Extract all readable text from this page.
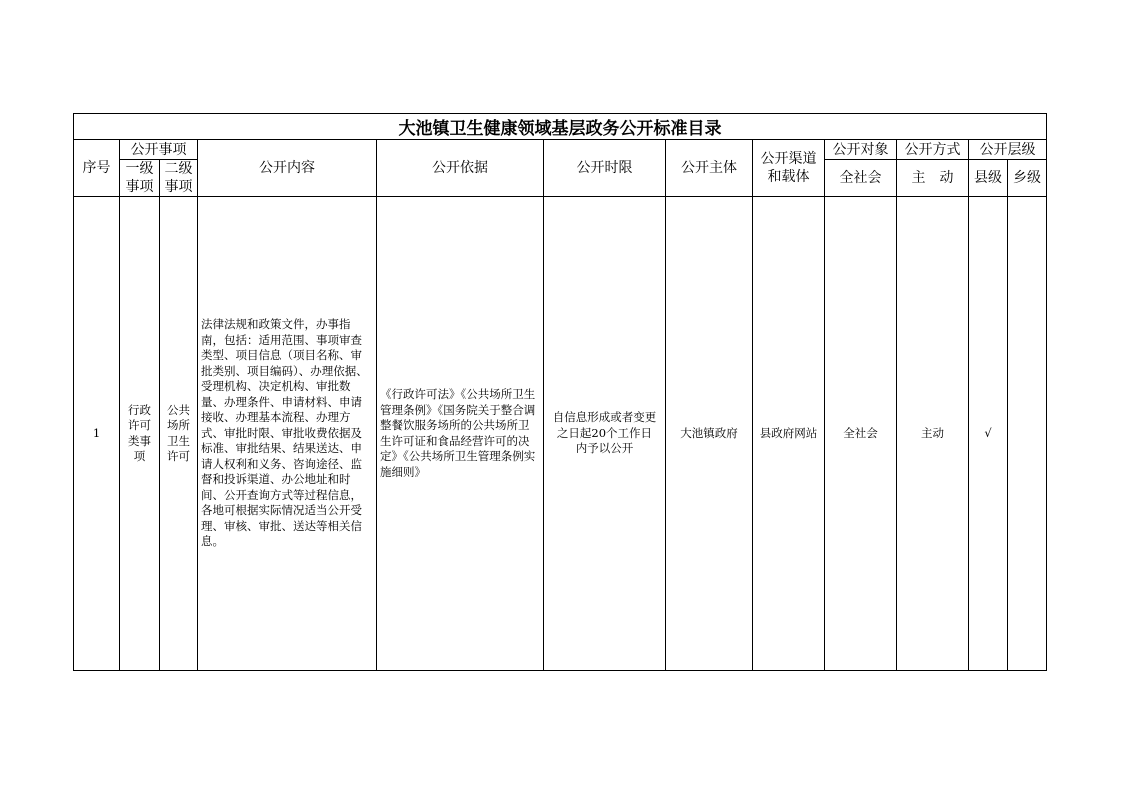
大池镇卫生健康领域基层政务公开标准目录											
序号	公开事项		公开内容	公开依据	公开时限	公开主体	公开渠道和载体	公开对象	公开方式	公开层级	
	一级事项	二级事项						全社会	主　动	县级	乡级
1	行政许可类事项	公共场所卫生许可	法律法规和政策文件，办事指南，包括：适用范围、事项审查类型、项目信息（项目名称、审批类别、项目编码）、办理依据、受理机构、决定机构、审批数量、办理条件、申请材料、申请接收、办理基本流程、办理方式、审批时限、审批收费依据及标准、审批结果、结果送达、申请人权利和义务、咨询途径、监督和投诉渠道、办公地址和时间、公开查询方式等过程信息，各地可根据实际情况适当公开受理、审核、审批、送达等相关信息。	《行政许可法》《公共场所卫生管理条例》《国务院关于整合调整餐饮服务场所的公共场所卫生许可证和食品经营许可的决定》《公共场所卫生管理条例实施细则》	自信息形成或者变更之日起20个工作日内予以公开	大池镇政府	县政府网站	全社会	主动	√	
